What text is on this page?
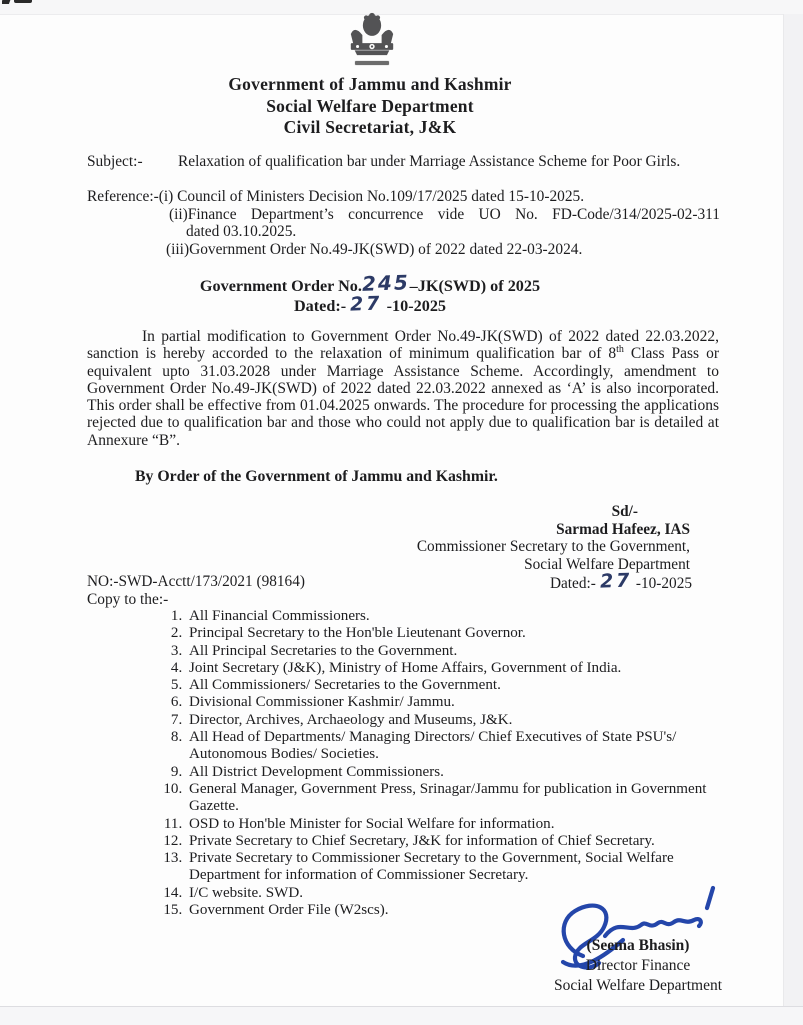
Government of Jammu and Kashmir
Social Welfare Department
Civil Secretariat, J&K
Subject:-	Relaxation of qualification bar under Marriage Assistance Scheme for Poor Girls.
Reference:-(i) Council of Ministers Decision No.109/17/2025 dated 15-10-2025.
(ii)Finance Department’s concurrence vide UO No. FD-Code/314/2025-02-311
dated 03.10.2025.
(iii)Government Order No.49-JK(SWD) of 2022 dated 22-03-2024.
Government Order No.245–JK(SWD) of 2025
Dated:- 27 -10-2025
In partial modification to Government Order No.49-JK(SWD) of 2022 dated 22.03.2022, sanction is hereby accorded to the relaxation of minimum qualification bar of 8th Class Pass or equivalent upto 31.03.2028 under Marriage Assistance Scheme. Accordingly, amendment to Government Order No.49-JK(SWD) of 2022 dated 22.03.2022 annexed as ‘A’ is also incorporated. This order shall be effective from 01.04.2025 onwards. The procedure for processing the applications rejected due to qualification bar and those who could not apply due to qualification bar is detailed at Annexure “B”.
By Order of the Government of Jammu and Kashmir.
Sd/-
Sarmad Hafeez, IAS
Commissioner Secretary to the Government,
Social Welfare Department
NO:-SWD-Acctt/173/2021 (98164)	Dated:- 27 -10-2025
Copy to the:-
1. All Financial Commissioners.
2. Principal Secretary to the Hon'ble Lieutenant Governor.
3. All Principal Secretaries to the Government.
4. Joint Secretary (J&K), Ministry of Home Affairs, Government of India.
5. All Commissioners/ Secretaries to the Government.
6. Divisional Commissioner Kashmir/ Jammu.
7. Director, Archives, Archaeology and Museums, J&K.
8. All Head of Departments/ Managing Directors/ Chief Executives of State PSU's/ Autonomous Bodies/ Societies.
9. All District Development Commissioners.
10. General Manager, Government Press, Srinagar/Jammu for publication in Government Gazette.
11. OSD to Hon'ble Minister for Social Welfare for information.
12. Private Secretary to Chief Secretary, J&K for information of Chief Secretary.
13. Private Secretary to Commissioner Secretary to the Government, Social Welfare Department for information of Commissioner Secretary.
14. I/C website. SWD.
15. Government Order File (W2scs).
(Seema Bhasin)
Director Finance
Social Welfare Department
